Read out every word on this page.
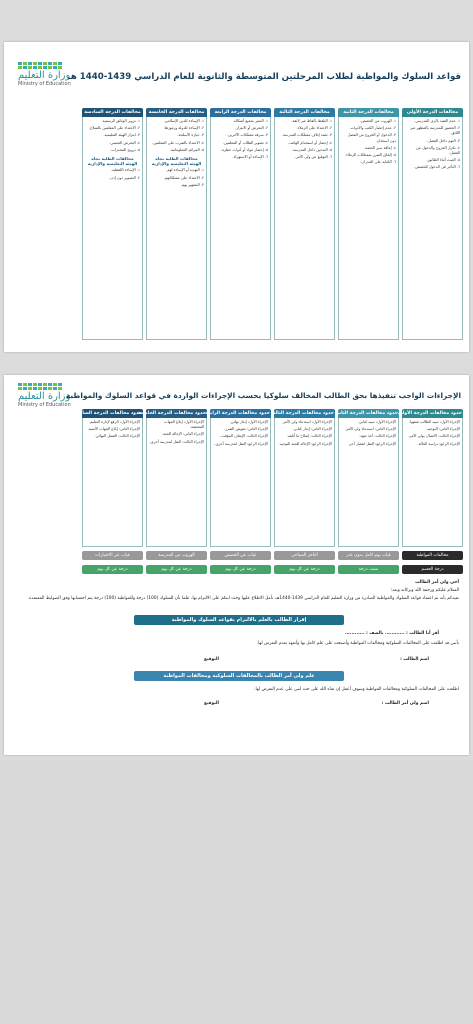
وزارة التعليم
Ministry of Education
قواعد السلوك والمواظبة لطلاب المرحلتين المتوسطة والثانوية للعام الدراسي 1439-1440 هـ
مخالفات الدرجة الأولى

١. عدم التقيد بالزي المدرسي.

٢. الحضور للمدرسة بالمظهر غير اللائق.

٣. النوم داخل الفصل.

٤. تكرار الخروج والدخول من الفصل.

٥. العبث أثناء الطابور.

٦. التأخر في الدخول للحصص.

مخالفات الدرجة الثانية

١. الهروب من الحصص.

٢. عدم إحضار الكتب والأدوات.

٣. الدخول أو الخروج من الفصل دون استئذان.

٤. إعاقة سير الحصة.

٥. إلحاق الضرر بممتلكات الزملاء.

٦. الكتابة على الجدران.

مخالفات الدرجة الثالثة

١. التلفظ بألفاظ غير لائقة.

٢. الاعتداء على الزملاء.

٣. تعمد إتلاف ممتلكات المدرسة.

٤. إحضار أو استخدام الهاتف.

٥. التدخين داخل المدرسة.

٦. التوقيع عن ولي الأمر.

مخالفات الدرجة الرابعة

١. التنمر بجميع أشكاله.

٢. التحرش أو الابتزاز.

٣. سرقة ممتلكات الآخرين.

٤. تصوير الطلاب أو المعلمين.

٥. إحضار مواد أو أدوات خطرة.

٦. الإساءة أو الاستهزاء.

مخالفات الدرجة الخامسة

١. الإساءة للدين الإسلامي.

٢. الإساءة للدولة ورموزها.

٣. حيازة الأسلحة.

٤. الاعتداء بالضرب على المعلمين.

٥. الجرائم المعلوماتية.

مخالفات الطلبة تجاه الهيئة التعليمية والإدارية

١. التهديد أو الإساءة لهم.

٢. الاعتداء على ممتلكاتهم.

٣. التشهير بهم.

مخالفات الدرجة السادسة

١. تزوير الوثائق الرسمية.

٢. الاعتداء على المعلمين بالسلاح.

٣. ابتزاز الهيئة التعليمية.

٤. التحرش الجنسي.

٥. ترويج المخدرات.

مخالفات الطلبة تجاه الهيئة التعليمية والإدارية

١. الإساءة اللفظية.

٢. التصوير دون إذن.

وزارة التعليم
Ministry of Education
الإجراءات الواجب تنفيذها بحق الطالب المخالف سلوكيا بحسب الإجراءات الواردة في قواعد السلوك والمواظبة
حدود مخالفات الدرجة الأولى

الإجراء الأول: تنبيه الطالب شفهيا.

الإجراء الثاني: التوجيه.

الإجراء الثالث: الاتصال بولي الأمر.

الإجراء الرابع: دراسة الحالة.

حدود مخالفات الدرجة الثانية

الإجراء الأول: تنبيه كتابي.

الإجراء الثاني: استدعاء ولي الأمر.

الإجراء الثالث: أخذ تعهد.

الإجراء الرابع: النقل لفصل آخر.

حدود مخالفات الدرجة الثالثة

الإجراء الأول: استدعاء ولي الأمر.

الإجراء الثاني: إنذار كتابي.

الإجراء الثالث: إصلاح ما أتلفه.

الإجراء الرابع: الإحالة للجنة التوجيه.

حدود مخالفات الدرجة الرابعة

الإجراء الأول: إنذار نهائي.

الإجراء الثاني: تعويض الضرر.

الإجراء الثالث: الإيقاف المؤقت.

الإجراء الرابع: النقل لمدرسة أخرى.

حدود مخالفات الدرجة الخامسة

الإجراء الأول: إبلاغ الجهات المختصة.

الإجراء الثاني: الإحالة للجنة.

الإجراء الثالث: النقل لمدرسة أخرى.

حدود مخالفات الدرجة السادسة

الإجراء الأول: الرفع لإدارة التعليم.

الإجراء الثاني: إبلاغ الجهات الأمنية.

الإجراء الثالث: الفصل النهائي.

مخالفات المواظبة
غياب يوم كامل بدون عذر
التأخر الصباحي
غياب عن الحصص
الهروب من المدرسة
غياب عن الاختبارات
درجة الحسم
نصف درجة
درجة عن كل يوم
درجة عن كل يوم
درجة عن كل يوم
درجة عن كل يوم
أخي ولي أمر الطالب
السلام عليكم ورحمة الله وبركاته وبعد:
نفيدكم بأنه تم اعتماد قواعد السلوك والمواظبة الصادرة من وزارة التعليم للعام الدراسي 1439-1440هـ، نأمل الاطلاع عليها وحث ابنكم على الالتزام بها، علما بأن للسلوك (100) درجة وللمواظبة (100) درجة يتم احتسابها وفق الضوابط المعتمدة.
إقرار الطالب بالعلم بالالتزام بقواعد السلوك والمواظبة
أقر أنا الطالب : ............ بالصف : ............
بأنني قد اطلعت على المخالفات السلوكية ومخالفات المواظبة وأصبحت على علم كامل بها وأتعهد بعدم التعرض لها.
اسم الطالب :
التوقيع
علم ولي أمر الطالب بالمخالفات السلوكية ومخالفات المواظبة
اطلعت على المخالفات السلوكية ومخالفات المواظبة وسوف أعمل إن شاء الله على حث ابني على عدم التعرض لها.
اسم ولي أمر الطالب :
التوقيع
